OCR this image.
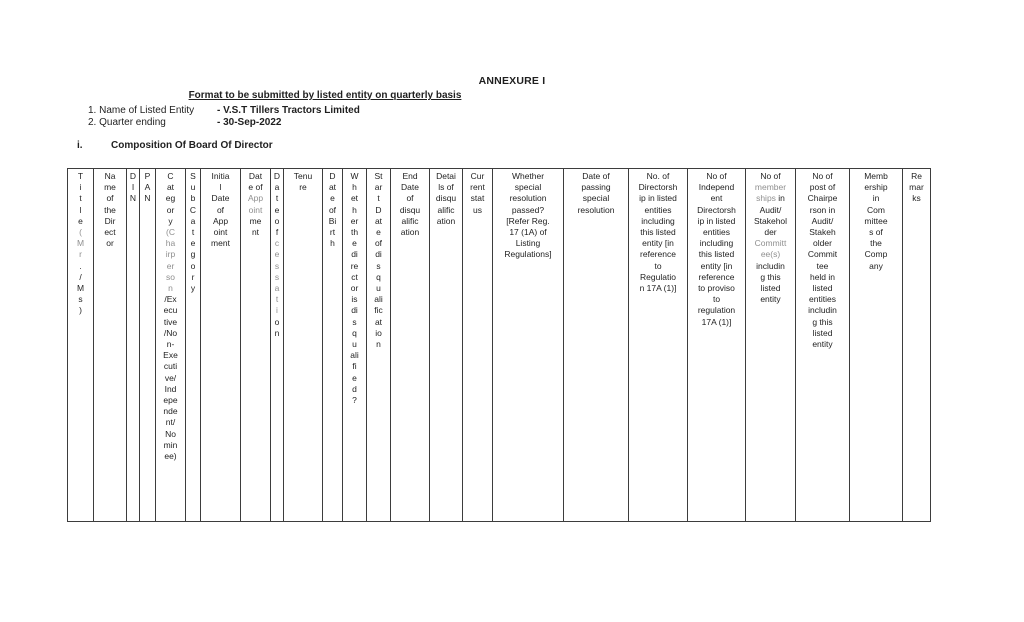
ANNEXURE I
Format to be submitted by listed entity on quarterly basis
1. Name of Listed Entity - V.S.T Tillers Tractors Limited
2. Quarter ending	- 30-Sep-2022
i.	Composition Of Board Of Director
T
i
t
l
e
(
M
r
.
/
M
s
)	Na
me
of
the
Dir
ect
or	D
I
N	P
A
N	C
at
eg
or
y
(C
ha
irp
er
so
n
/Ex
ecu
tive
/No
n-
Exe
cuti
ve/
Ind
epe
nde
nt/
No
min
ee)	S
u
b
C
a
t
e
g
o
r
y	Initia
l
Date
of
App
oint
ment	Dat
e of
App
oint
me
nt	D
a
t
e
o
f
c
e
s
s
a
t
i
o
n	Tenu
re	D
at
e
of
Bi
rt
h	W
h
et
h
er
th
e
di
re
ct
or
is
di
s
q
u
ali
fi
e
d
?	St
ar
t
D
at
e
of
di
s
q
u
ali
fic
at
io
n	End
Date
of
disqu
alific
ation	Detai
ls of
disqu
alific
ation	Cur
rent
stat
us	Whether
special
resolution
passed?
[Refer Reg.
17 (1A) of
Listing
Regulations]	Date of
passing
special
resolution	No. of
Directorsh
ip in listed
entities
including
this listed
entity [in
reference
to
Regulatio
n 17A (1)]	No of
Independ
ent
Directorsh
ip in listed
entities
including
this listed
entity [in
reference
to proviso
to
regulation
17A (1)]	No of
member
ships in
Audit/
Stakehol
der
Committ
ee(s)
includin
g this
listed
entity	No of
post of
Chairpe
rson in
Audit/
Stakeh
older
Commit
tee
held in
listed
entities
includin
g this
listed
entity	Memb
ership
in
Com
mittee
s of
the
Comp
any	Re
mar
ks
